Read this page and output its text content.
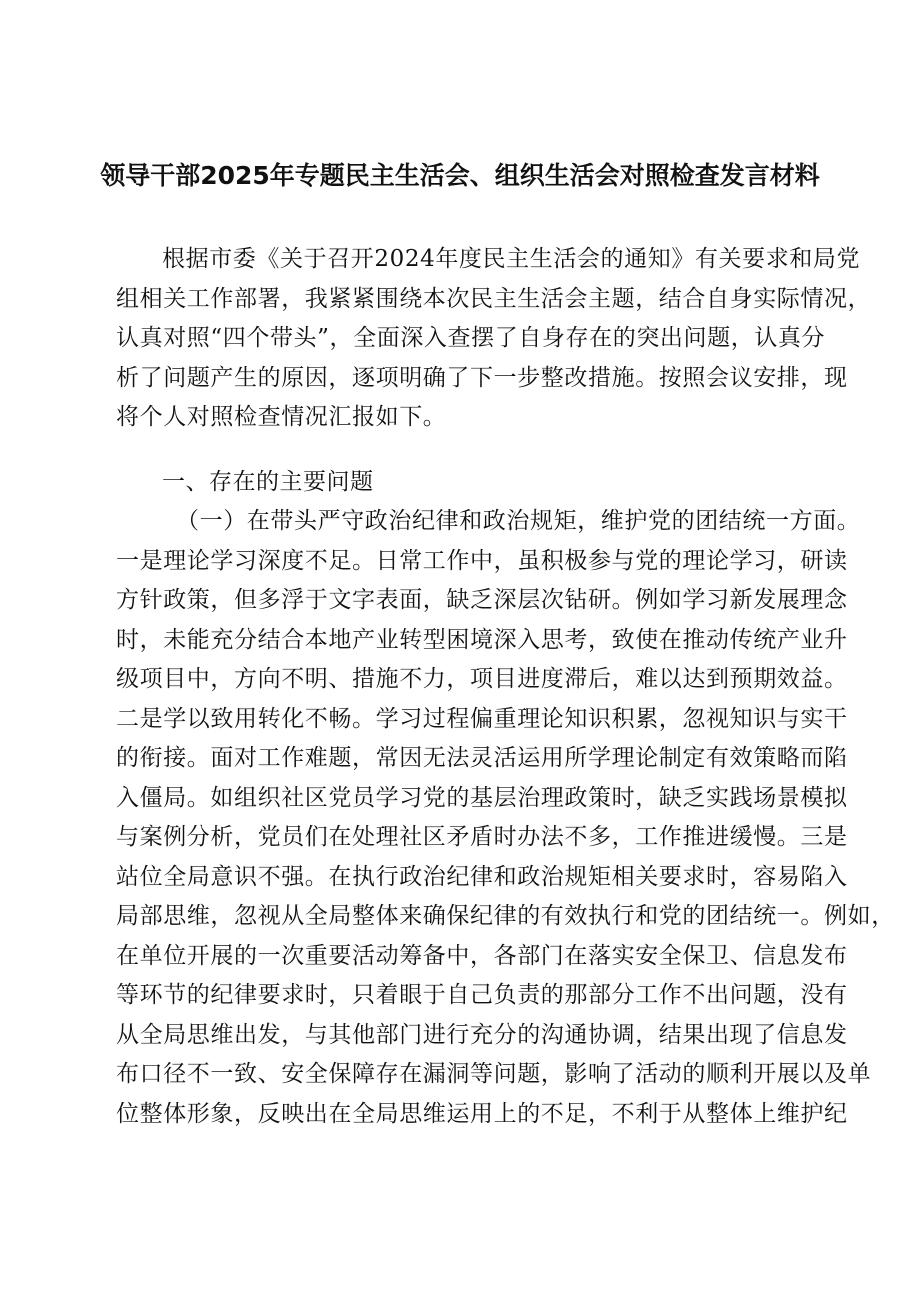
领导干部2025年专题民主生活会、组织生活会对照检查发言材料
根据市委《关于召开2024年度民主生活会的通知》有关要求和局党
组相关工作部署，我紧紧围绕本次民主生活会主题，结合自身实际情况，
认真对照“四个带头”，全面深入查摆了自身存在的突出问题，认真分
析了问题产生的原因，逐项明确了下一步整改措施。按照会议安排，现
将个人对照检查情况汇报如下。
一、存在的主要问题
（一）在带头严守政治纪律和政治规矩，维护党的团结统一方面。
一是理论学习深度不足。日常工作中，虽积极参与党的理论学习，研读
方针政策，但多浮于文字表面，缺乏深层次钻研。例如学习新发展理念
时，未能充分结合本地产业转型困境深入思考，致使在推动传统产业升
级项目中，方向不明、措施不力，项目进度滞后，难以达到预期效益。
二是学以致用转化不畅。学习过程偏重理论知识积累，忽视知识与实干
的衔接。面对工作难题，常因无法灵活运用所学理论制定有效策略而陷
入僵局。如组织社区党员学习党的基层治理政策时，缺乏实践场景模拟
与案例分析，党员们在处理社区矛盾时办法不多，工作推进缓慢。三是
站位全局意识不强。在执行政治纪律和政治规矩相关要求时，容易陷入
局部思维，忽视从全局整体来确保纪律的有效执行和党的团结统一。例如，
在单位开展的一次重要活动筹备中，各部门在落实安全保卫、信息发布
等环节的纪律要求时，只着眼于自己负责的那部分工作不出问题，没有
从全局思维出发，与其他部门进行充分的沟通协调，结果出现了信息发
布口径不一致、安全保障存在漏洞等问题，影响了活动的顺利开展以及单
位整体形象，反映出在全局思维运用上的不足，不利于从整体上维护纪
